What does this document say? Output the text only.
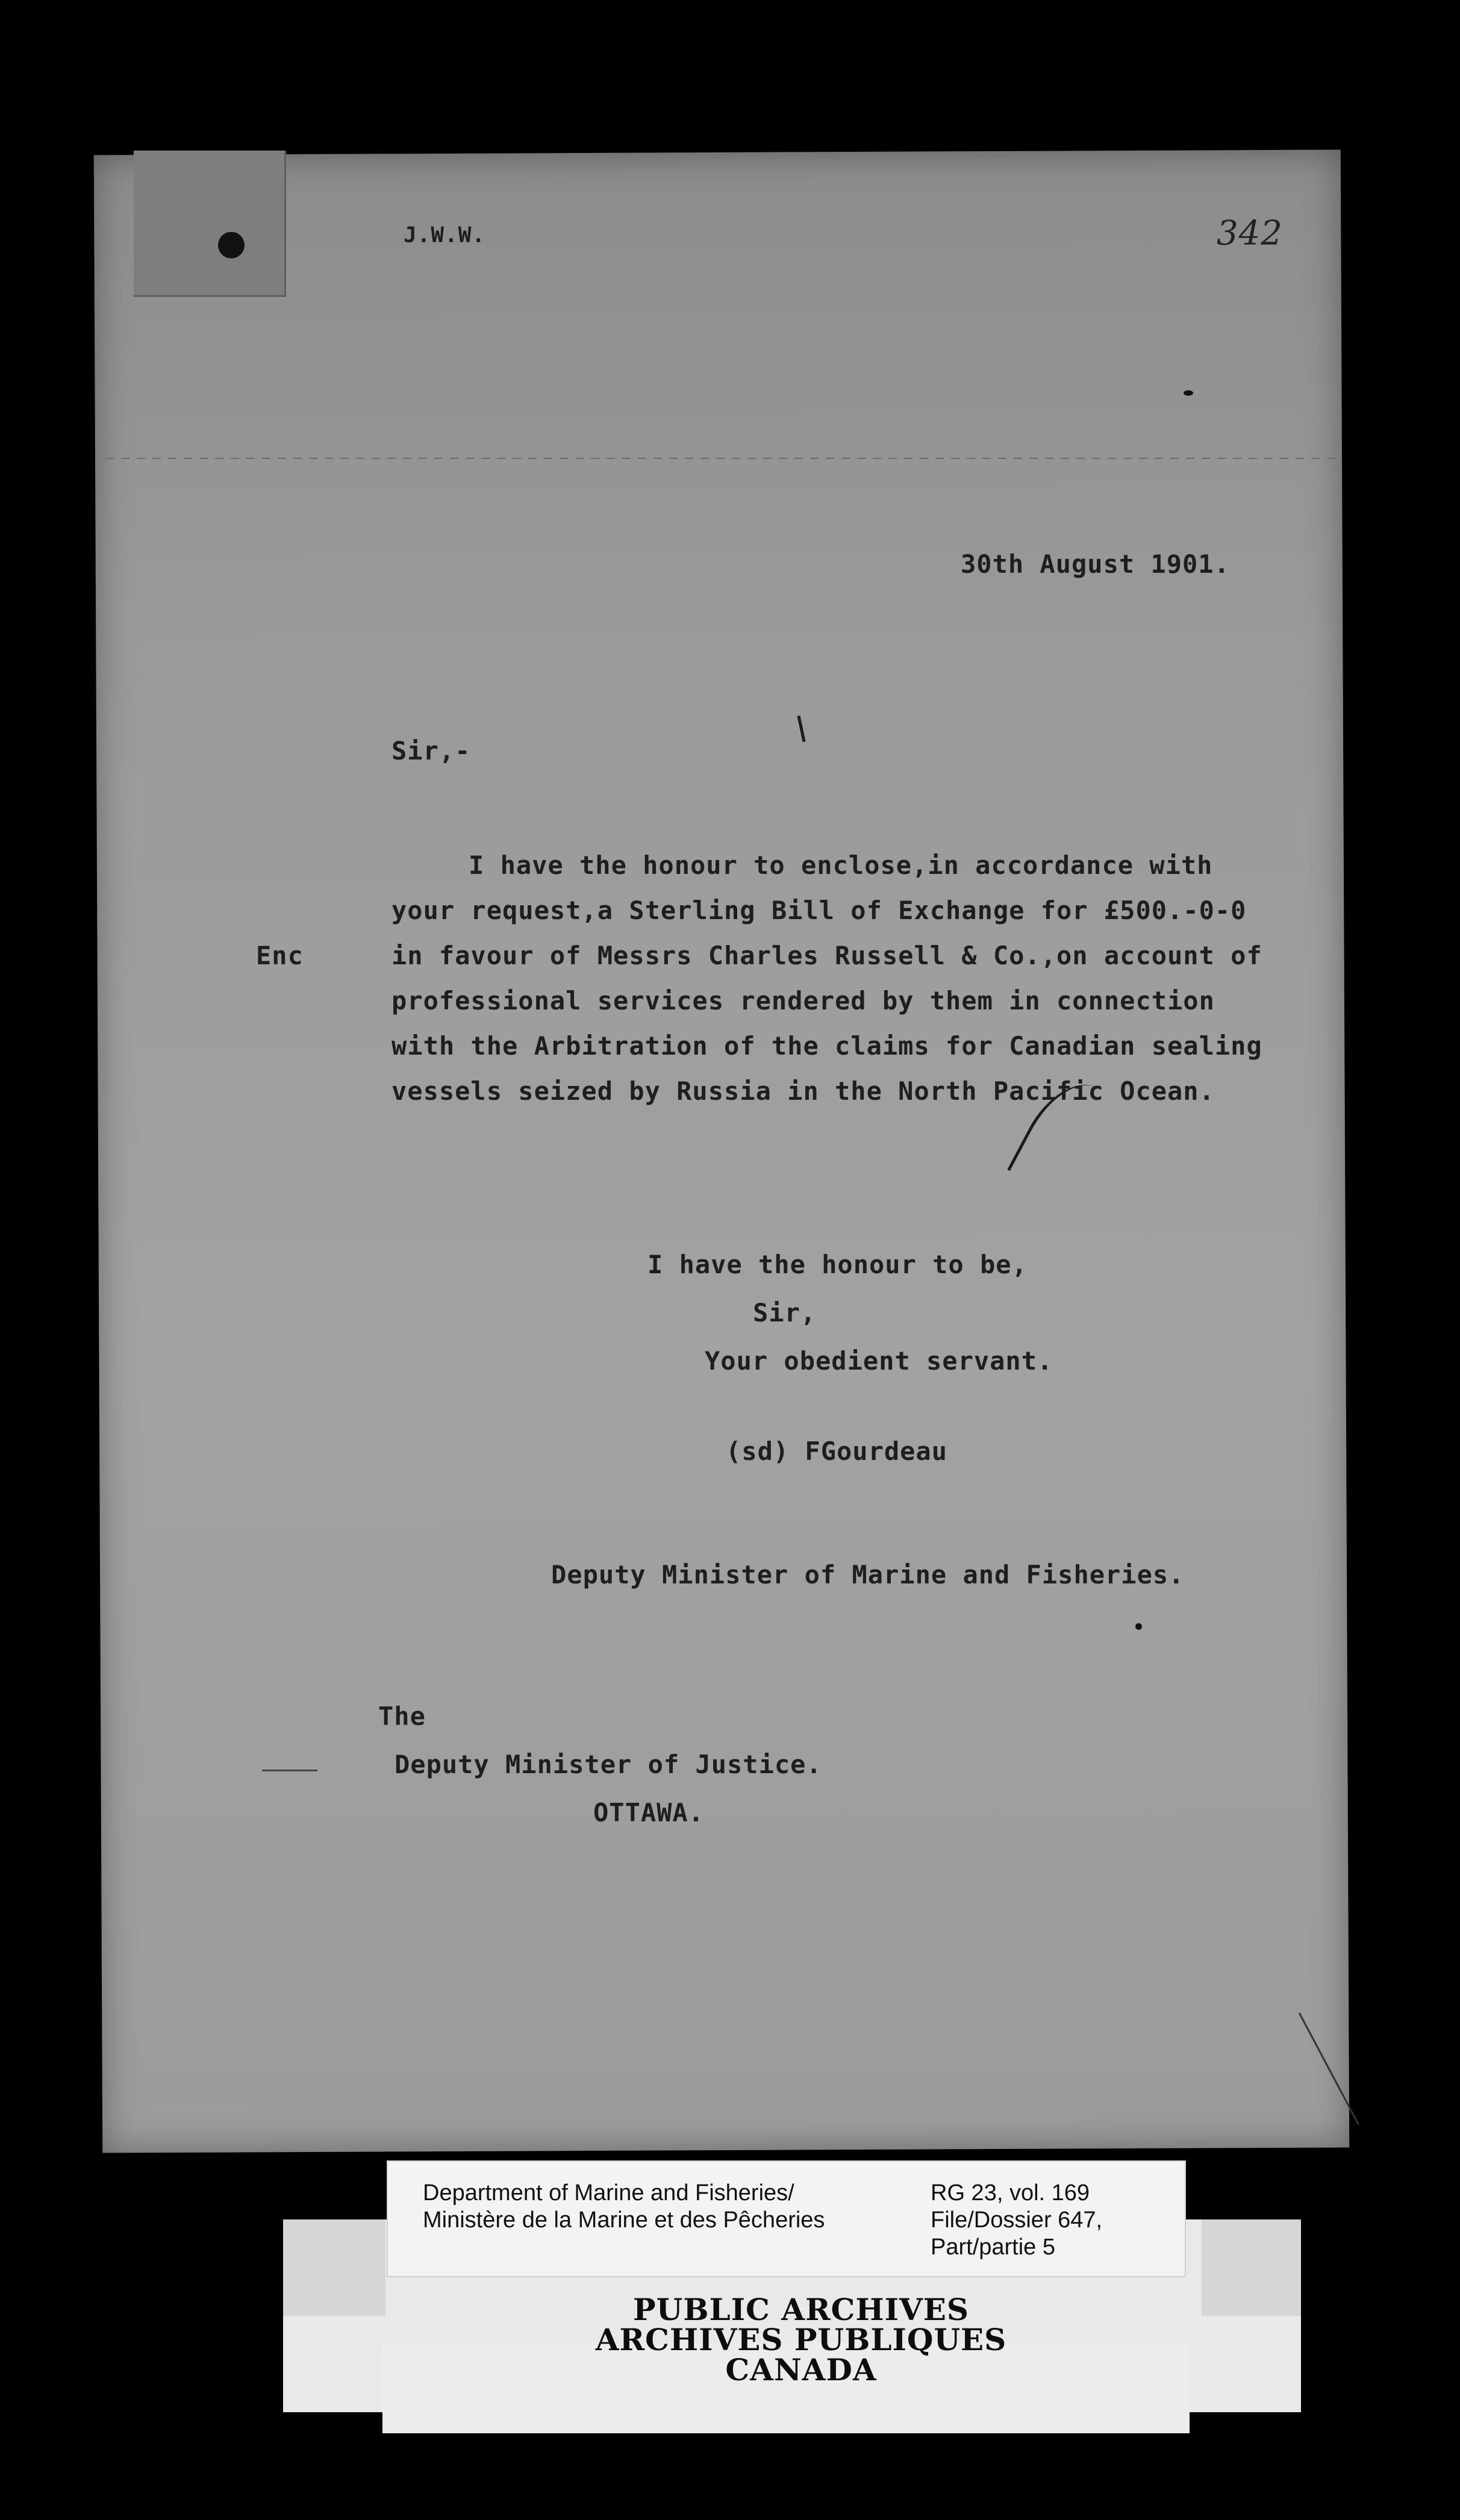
J.W.W.	342
30th August 1901.
Sir,-
I have the honour to enclose,in accordance with
your request,a Sterling Bill of Exchange for £500.-0-0
Enc	in favour of Messrs Charles Russell & Co.,on account of
professional services rendered by them in connection
with the Arbitration of the claims for Canadian sealing
vessels seized by Russia in the North Pacific Ocean.
I have the honour to be,
Sir,
Your obedient servant.
(sd) FGourdeau
Deputy Minister of Marine and Fisheries.
The
Deputy Minister of Justice.
OTTAWA.
Department of Marine and Fisheries/
Ministère de la Marine et des Pêcheries
RG 23, vol. 169
File/Dossier 647,
Part/partie 5
PUBLIC ARCHIVES
ARCHIVES PUBLIQUES
CANADA
